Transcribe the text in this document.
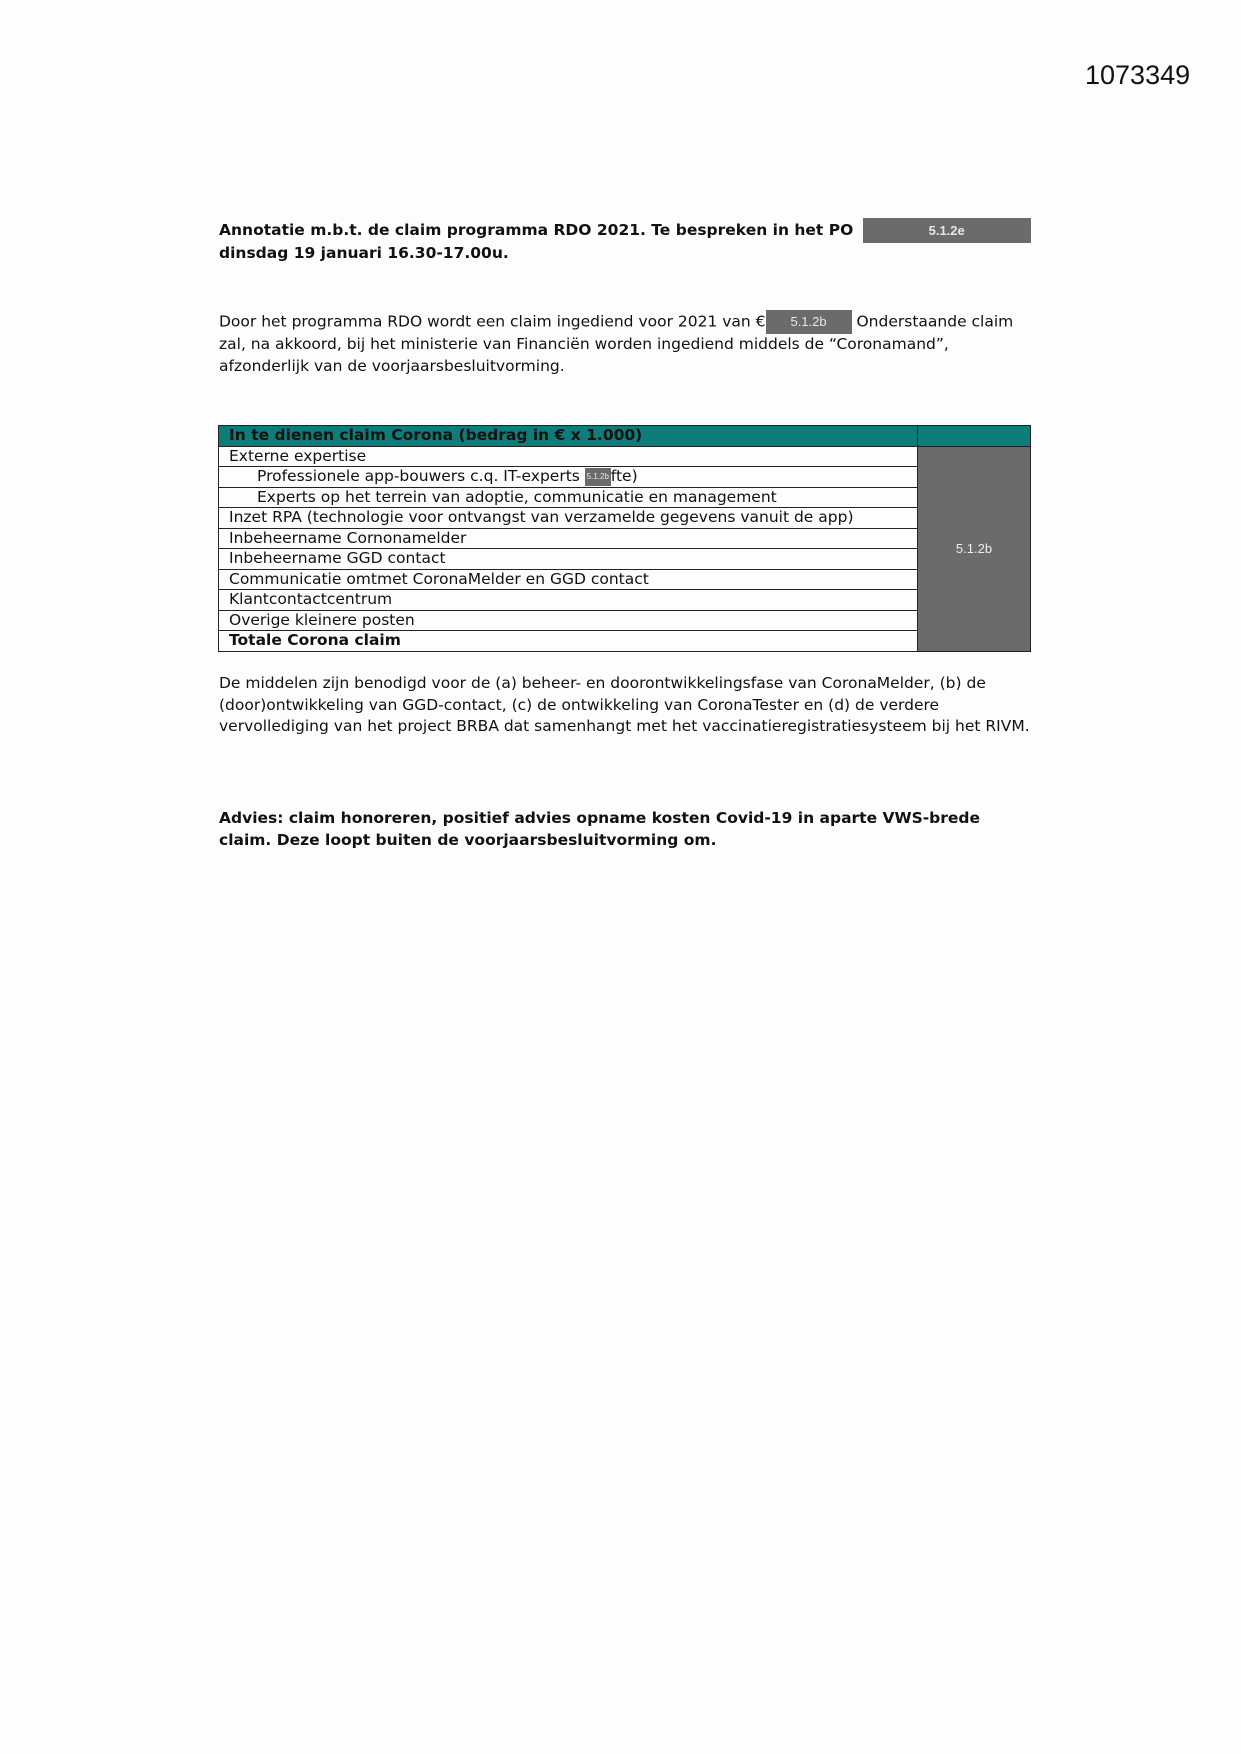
1073349
Annotatie m.b.t. de claim programma RDO 2021. Te bespreken in het PO	5.1.2e
dinsdag 19 januari 16.30-17.00u.
Door het programma RDO wordt een claim ingediend voor 2021 van € 5.1.2b Onderstaande claim zal, na akkoord, bij het ministerie van Financiën worden ingediend middels de “Coronamand”, afzonderlijk van de voorjaarsbesluitvorming.
In te dienen claim Corona (bedrag in € x 1.000)	
Externe expertise	5.1.2b
Professionele app-bouwers c.q. IT-experts 5.1.2b fte)	
Experts op het terrein van adoptie, communicatie en management	
Inzet RPA (technologie voor ontvangst van verzamelde gegevens vanuit de app)	
Inbeheername Cornonamelder	
Inbeheername GGD contact	
Communicatie omtmet CoronaMelder en GGD contact	
Klantcontactcentrum	
Overige kleinere posten	
Totale Corona claim	
De middelen zijn benodigd voor de (a) beheer- en doorontwikkelingsfase van CoronaMelder, (b) de (door)ontwikkeling van GGD-contact, (c) de ontwikkeling van CoronaTester en (d) de verdere vervollediging van het project BRBA dat samenhangt met het vaccinatieregistratiesysteem bij het RIVM.
Advies: claim honoreren, positief advies opname kosten Covid-19 in aparte VWS-brede claim. Deze loopt buiten de voorjaarsbesluitvorming om.
